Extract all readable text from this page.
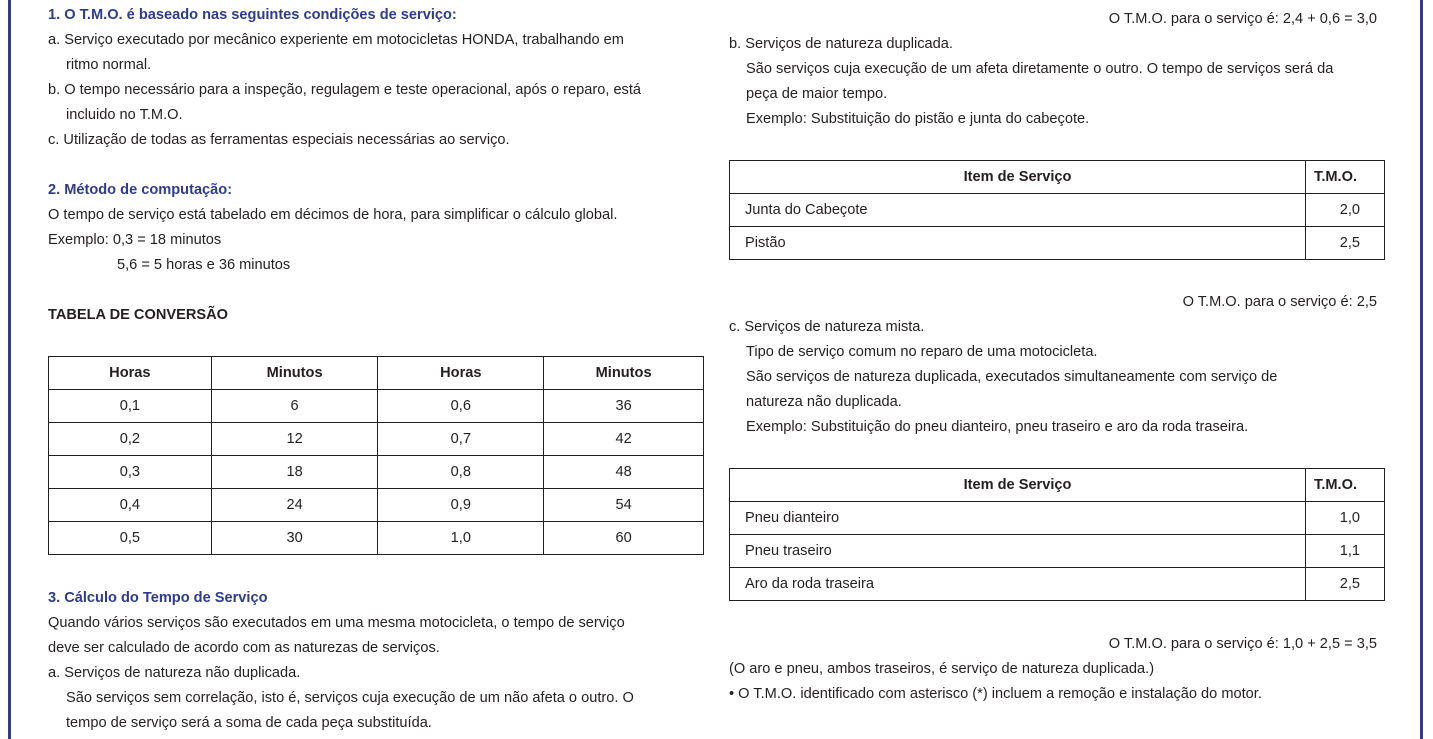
1. O T.M.O. é baseado nas seguintes condições de serviço:
a. Serviço executado por mecânico experiente em motocicletas HONDA, trabalhando em
ritmo normal.
b. O tempo necessário para a inspeção, regulagem e teste operacional, após o reparo, está
incluido no T.M.O.
c. Utilização de todas as ferramentas especiais necessárias ao serviço.
2. Método de computação:
O tempo de serviço está tabelado em décimos de hora, para simplificar o cálculo global.
Exemplo: 0,3 = 18 minutos
5,6 = 5 horas e 36 minutos
TABELA DE CONVERSÃO
Horas	Minutos	Horas	Minutos
0,1	6	0,6	36
0,2	12	0,7	42
0,3	18	0,8	48
0,4	24	0,9	54
0,5	30	1,0	60
3. Cálculo do Tempo de Serviço
Quando vários serviços são executados em uma mesma motocicleta, o tempo de serviço
deve ser calculado de acordo com as naturezas de serviços.
a. Serviços de natureza não duplicada.
São serviços sem correlação, isto é, serviços cuja execução de um não afeta o outro. O
tempo de serviço será a soma de cada peça substituída.
O T.M.O. para o serviço é: 2,4 + 0,6 = 3,0
b. Serviços de natureza duplicada.
São serviços cuja execução de um afeta diretamente o outro. O tempo de serviços será da
peça de maior tempo.
Exemplo: Substituição do pistão e junta do cabeçote.
Item de Serviço	T.M.O.
Junta do Cabeçote	2,0
Pistão	2,5
O T.M.O. para o serviço é: 2,5
c. Serviços de natureza mista.
Tipo de serviço comum no reparo de uma motocicleta.
São serviços de natureza duplicada, executados simultaneamente com serviço de
natureza não duplicada.
Exemplo: Substituição do pneu dianteiro, pneu traseiro e aro da roda traseira.
Item de Serviço	T.M.O.
Pneu dianteiro	1,0
Pneu traseiro	1,1
Aro da roda traseira	2,5
O T.M.O. para o serviço é: 1,0 + 2,5 = 3,5
(O aro e pneu, ambos traseiros, é serviço de natureza duplicada.)
• O T.M.O. identificado com asterisco (*) incluem a remoção e instalação do motor.
